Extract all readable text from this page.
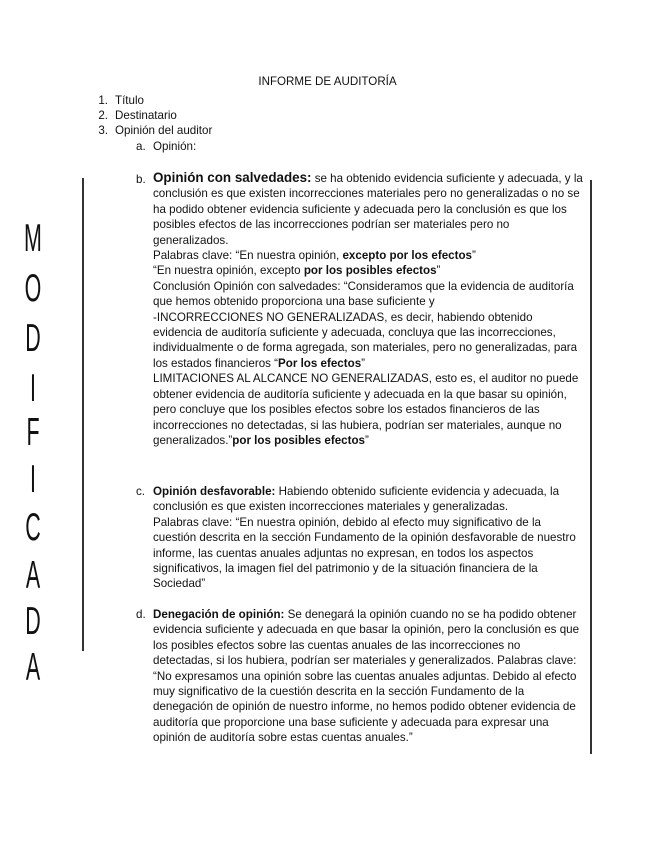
INFORME DE AUDITORÍA
1. Título
2. Destinatario
3. Opinión del auditor
a. Opinión:
M
O
D
I
F
I
C
A
D
A
b. Opinión con salvedades: se ha obtenido evidencia suficiente y adecuada, y la conclusión es que existen incorrecciones materiales pero no generalizadas o no se ha podido obtener evidencia suficiente y adecuada pero la conclusión es que los posibles efectos de las incorrecciones podrían ser materiales pero no generalizados.
Palabras clave: “En nuestra opinión, excepto por los efectos”
“En nuestra opinión, excepto por los posibles efectos”
Conclusión Opinión con salvedades: “Consideramos que la evidencia de auditoría que hemos obtenido proporciona una base suficiente y
-INCORRECCIONES NO GENERALIZADAS, es decir, habiendo obtenido evidencia de auditoría suficiente y adecuada, concluya que las incorrecciones, individualmente o de forma agregada, son materiales, pero no generalizadas, para los estados financieros “Por los efectos”
LIMITACIONES AL ALCANCE NO GENERALIZADAS, esto es, el auditor no puede obtener evidencia de auditoría suficiente y adecuada en la que basar su opinión, pero concluye que los posibles efectos sobre los estados financieros de las incorrecciones no detectadas, si las hubiera, podrían ser materiales, aunque no generalizados.”por los posibles efectos”
c. Opinión desfavorable: Habiendo obtenido suficiente evidencia y adecuada, la conclusión es que existen incorrecciones materiales y generalizadas.
Palabras clave: “En nuestra opinión, debido al efecto muy significativo de la cuestión descrita en la sección Fundamento de la opinión desfavorable de nuestro informe, las cuentas anuales adjuntas no expresan, en todos los aspectos significativos, la imagen fiel del patrimonio y de la situación financiera de la Sociedad”
d. Denegación de opinión: Se denegará la opinión cuando no se ha podido obtener evidencia suficiente y adecuada en que basar la opinión, pero la conclusión es que los posibles efectos sobre las cuentas anuales de las incorrecciones no detectadas, si los hubiera, podrían ser materiales y generalizados. Palabras clave: “No expresamos una opinión sobre las cuentas anuales adjuntas. Debido al efecto muy significativo de la cuestión descrita en la sección Fundamento de la denegación de opinión de nuestro informe, no hemos podido obtener evidencia de auditoría que proporcione una base suficiente y adecuada para expresar una opinión de auditoría sobre estas cuentas anuales.”
